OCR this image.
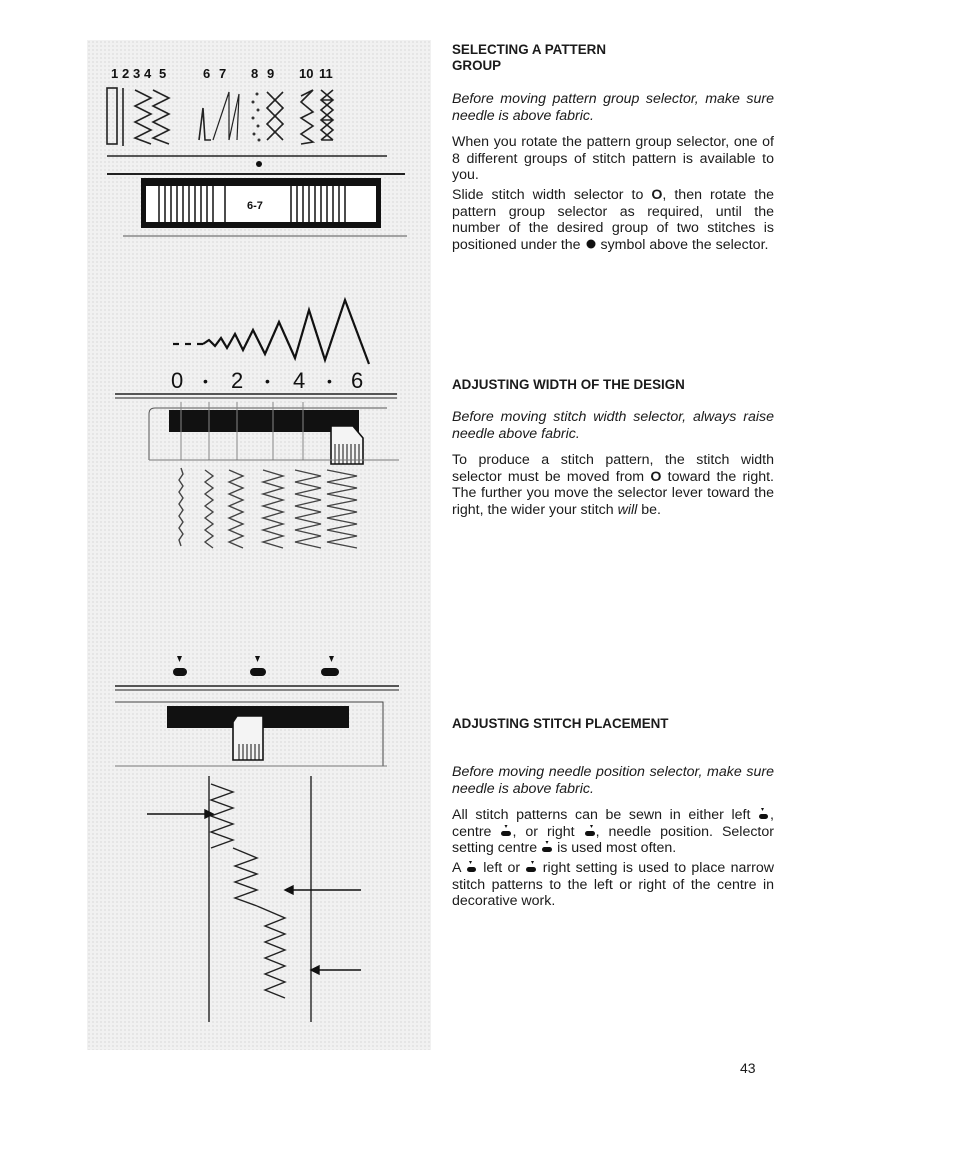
1 2 3 4 5	6 7 8 9 10 11
6-7
0 • 2 • 4 • 6

SELECTING A PATTERN

GROUP

Before moving pattern group selector, make sure needle is above fabric.

When you rotate the pattern group selector, one of 8 different groups of stitch pattern is available to you.

Slide stitch width selector to O, then rotate the pattern group selector as required, until the number of the desired group of two stitches is positioned under the  symbol above the selector.

ADJUSTING WIDTH OF THE DESIGN

Before moving stitch width selector, always raise needle above fabric.

To produce a stitch pattern, the stitch width selector must be moved from O toward the right. The further you move the selector lever toward the right, the wider your stitch will be.

ADJUSTING STITCH PLACEMENT

Before moving needle position selector, make sure needle is above fabric.

All stitch patterns can be sewn in either left , centre , or right , needle position. Selector setting centre is used most often.

A left or right setting is used to place narrow stitch patterns to the left or right of the centre in decorative work.

43
